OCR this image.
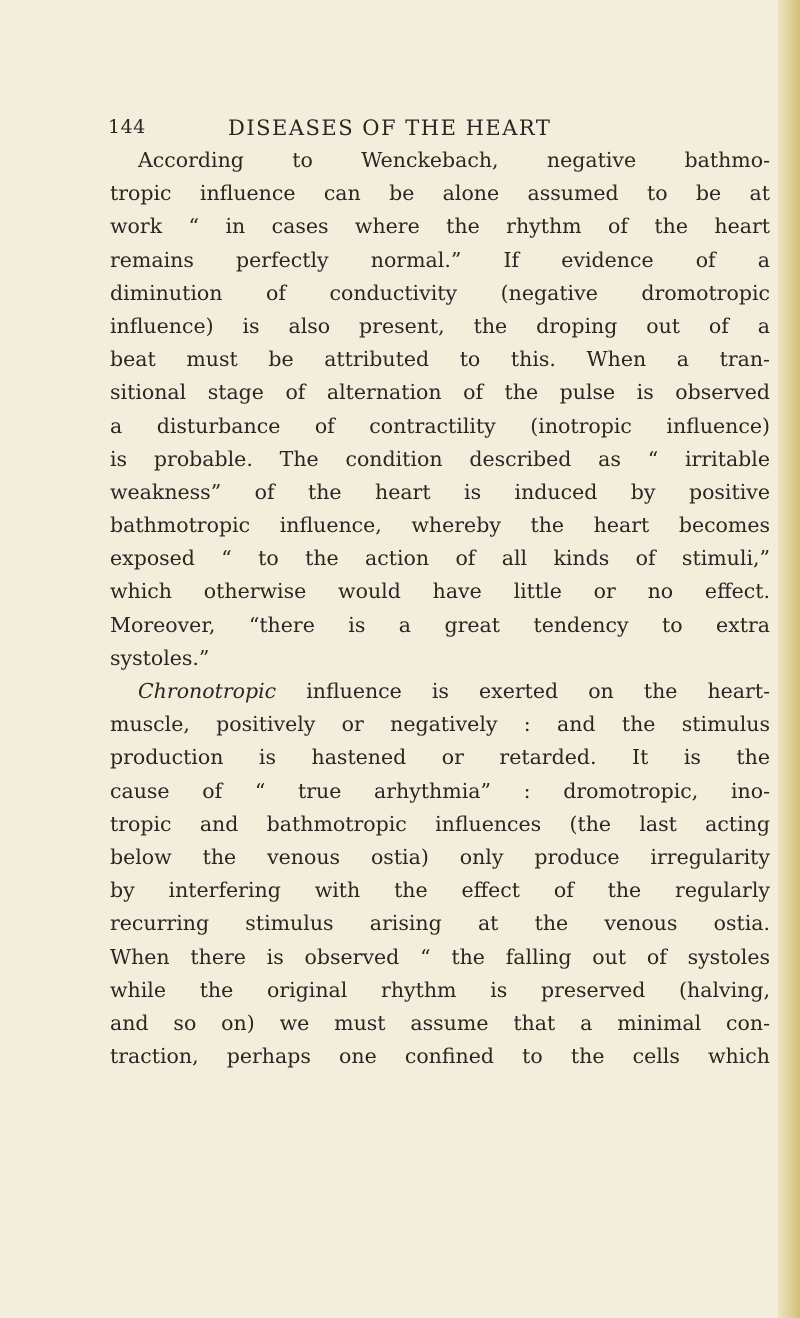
144	DISEASES OF THE HEART
According to Wenckebach, negative bathmo-
tropic influence can be alone assumed to be at
work “ in cases where the rhythm of the heart
remains perfectly normal.” If evidence of a
diminution of conductivity (negative dromotropic
influence) is also present, the droping out of a
beat must be attributed to this. When a tran-
sitional stage of alternation of the pulse is observed
a disturbance of contractility (inotropic influence)
is probable. The condition described as “ irritable
weakness” of the heart is induced by positive
bathmotropic influence, whereby the heart becomes
exposed “ to the action of all kinds of stimuli,”
which otherwise would have little or no effect.
Moreover, “there is a great tendency to extra
systoles.”
Chronotropic influence is exerted on the heart-
muscle, positively or negatively : and the stimulus
production is hastened or retarded. It is the
cause of “ true arhythmia” : dromotropic, ino-
tropic and bathmotropic influences (the last acting
below the venous ostia) only produce irregularity
by interfering with the effect of the regularly
recurring stimulus arising at the venous ostia.
When there is observed “ the falling out of systoles
while the original rhythm is preserved (halving,
and so on) we must assume that a minimal con-
traction, perhaps one confined to the cells which
